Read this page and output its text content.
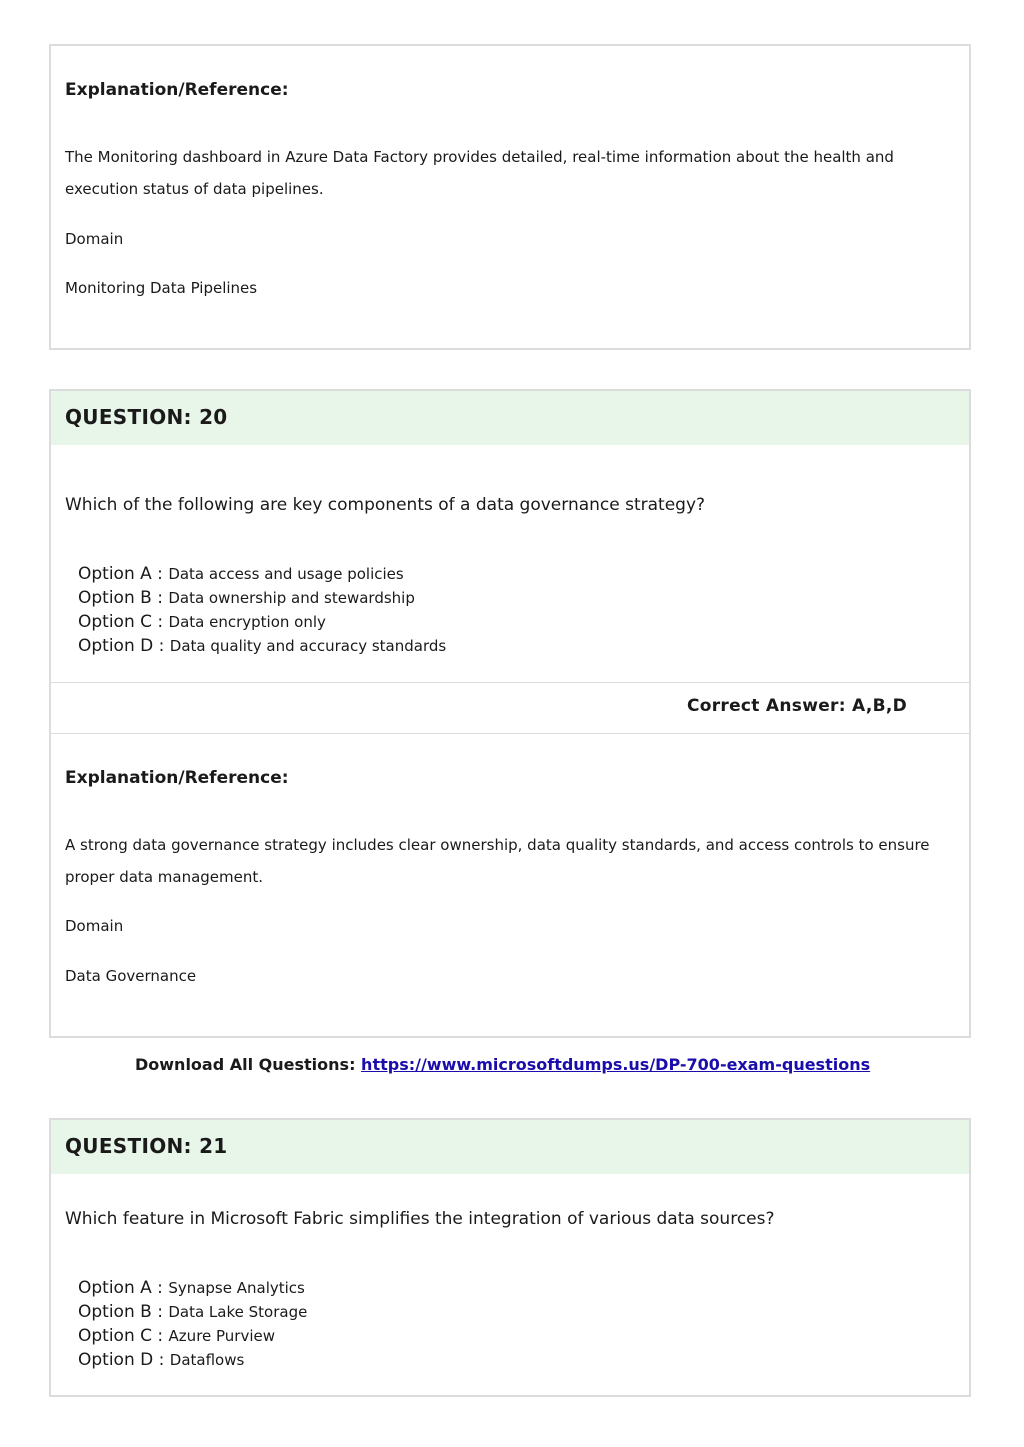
Explanation/Reference:
The Monitoring dashboard in Azure Data Factory provides detailed, real-time information about the health and execution status of data pipelines.
Domain
Monitoring Data Pipelines
QUESTION: 20
Which of the following are key components of a data governance strategy?
Option A : Data access and usage policies
Option B : Data ownership and stewardship
Option C : Data encryption only
Option D : Data quality and accuracy standards
Correct Answer: A,B,D
Explanation/Reference:
A strong data governance strategy includes clear ownership, data quality standards, and access controls to ensure proper data management.
Domain
Data Governance
Download All Questions: https://www.microsoftdumps.us/DP-700-exam-questions
QUESTION: 21
Which feature in Microsoft Fabric simplifies the integration of various data sources?
Option A : Synapse Analytics
Option B : Data Lake Storage
Option C : Azure Purview
Option D : Dataflows
